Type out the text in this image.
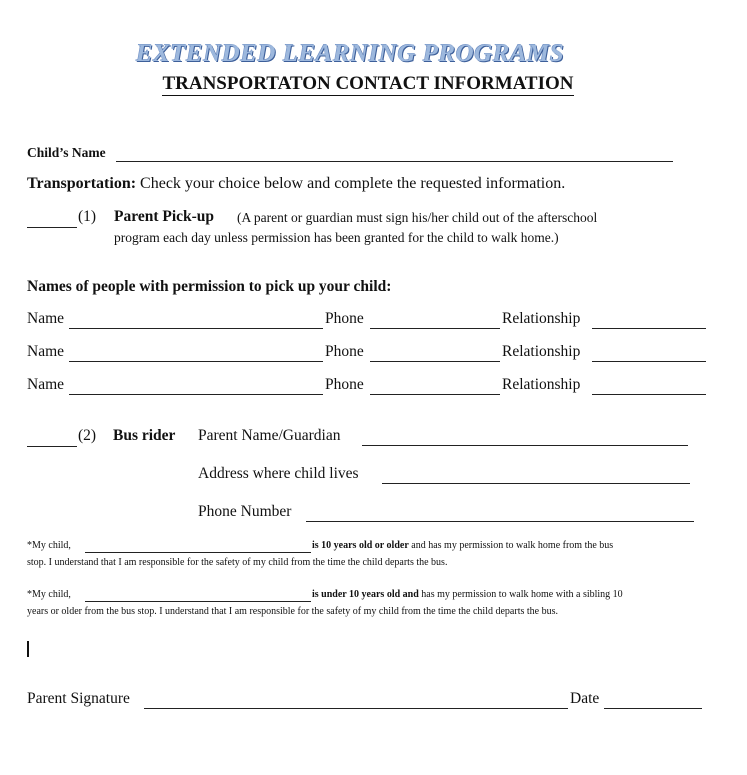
EXTENDED LEARNING PROGRAMS
TRANSPORTATON CONTACT INFORMATION
Child’s Name
Transportation: Check your choice below and complete the requested information.
(1) Parent Pick-up (A parent or guardian must sign his/her child out of the afterschool
program each day unless permission has been granted for the child to walk home.)
Names of people with permission to pick up your child:
Name	Phone	Relationship
Name	Phone	Relationship
Name	Phone	Relationship
(2) Bus rider Parent Name/Guardian
Address where child lives
Phone Number
*My child,	is 10 years old or older and has my permission to walk home from the bus
stop. I understand that I am responsible for the safety of my child from the time the child departs the bus.
*My child,	is under 10 years old and has my permission to walk home with a sibling 10
years or older from the bus stop. I understand that I am responsible for the safety of my child from the time the child departs the bus.
Parent Signature	Date
